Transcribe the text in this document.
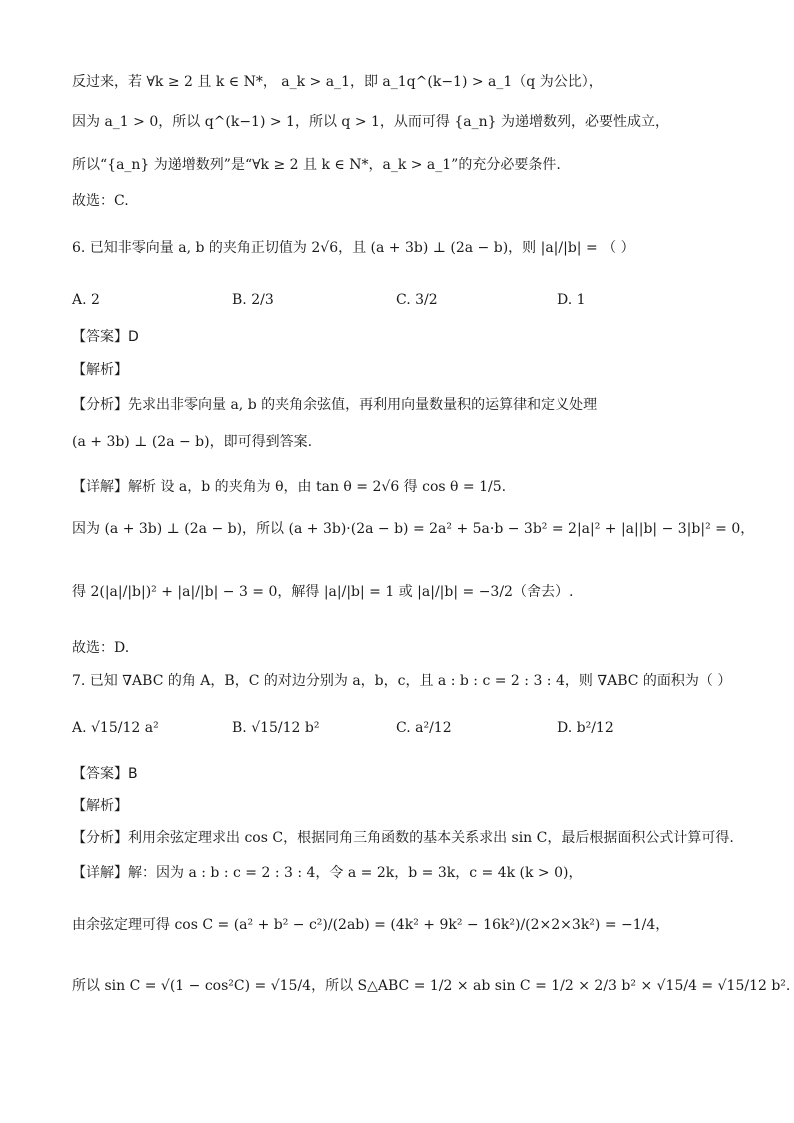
反过来，若 ∀k ≥ 2 且 k ∈ N*， a_k > a_1，即 a_1q^(k−1) > a_1（q 为公比），
因为 a_1 > 0，所以 q^(k−1) > 1，所以 q > 1，从而可得 {a_n} 为递增数列，必要性成立，
所以“{a_n} 为递增数列”是“∀k ≥ 2 且 k ∈ N*，a_k > a_1”的充分必要条件.
故选：C.
6. 已知非零向量 a, b 的夹角正切值为 2√6，且 (a + 3b) ⊥ (2a − b)，则 |a|/|b| = （ ）
A. 2	B. 2/3	C. 3/2	D. 1
【答案】D
【解析】
【分析】先求出非零向量 a, b 的夹角余弦值，再利用向量数量积的运算律和定义处理
(a + 3b) ⊥ (2a − b)，即可得到答案.
【详解】解析 设 a，b 的夹角为 θ，由 tan θ = 2√6 得 cos θ = 1/5.
因为 (a + 3b) ⊥ (2a − b)，所以 (a + 3b)·(2a − b) = 2a² + 5a·b − 3b² = 2|a|² + |a||b| − 3|b|² = 0，
得 2(|a|/|b|)² + |a|/|b| − 3 = 0，解得 |a|/|b| = 1 或 |a|/|b| = −3/2（舍去）.
故选：D.
7. 已知 ∇ABC 的角 A，B，C 的对边分别为 a，b，c，且 a : b : c = 2 : 3 : 4，则 ∇ABC 的面积为（ ）
A. √15/12 a²	B. √15/12 b²	C. a²/12	D. b²/12
【答案】B
【解析】
【分析】利用余弦定理求出 cos C，根据同角三角函数的基本关系求出 sin C，最后根据面积公式计算可得.
【详解】解：因为 a : b : c = 2 : 3 : 4，令 a = 2k，b = 3k，c = 4k (k > 0)，
由余弦定理可得 cos C = (a² + b² − c²)/(2ab) = (4k² + 9k² − 16k²)/(2×2×3k²) = −1/4，
所以 sin C = √(1 − cos²C) = √15/4，所以 S△ABC = 1/2 × ab sin C = 1/2 × 2/3 b² × √15/4 = √15/12 b².
